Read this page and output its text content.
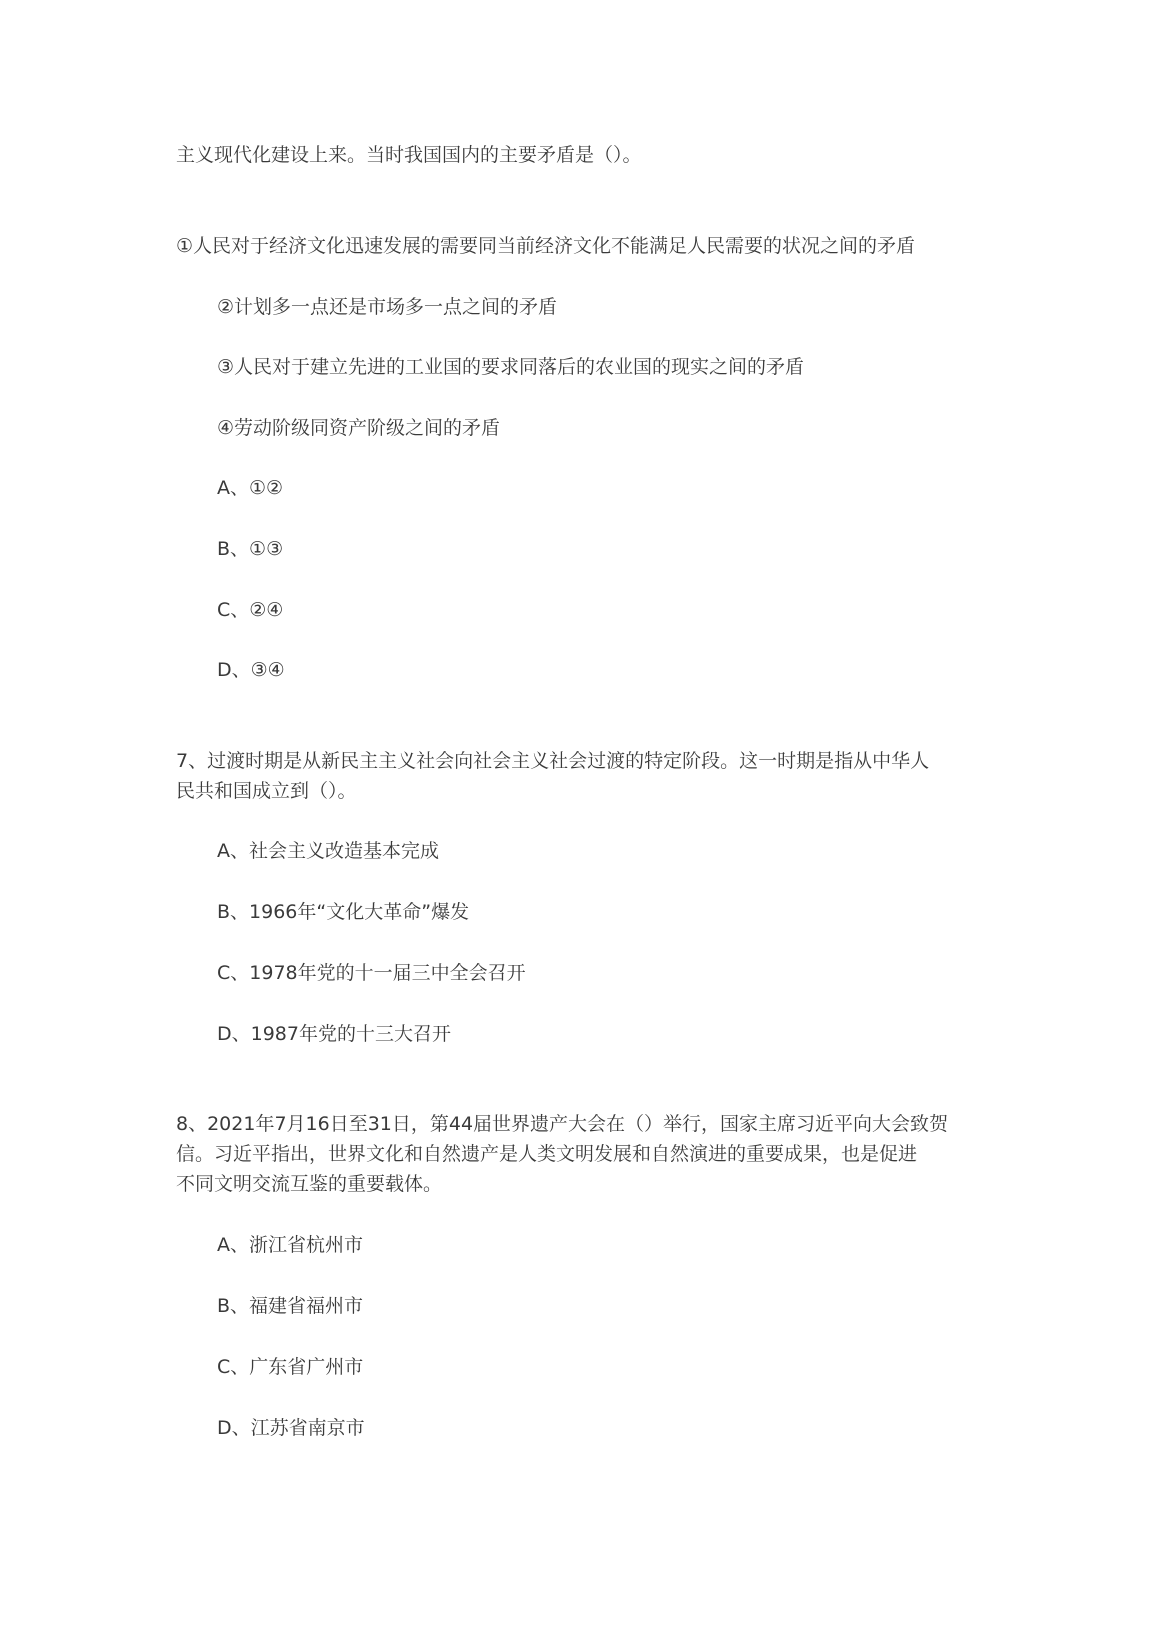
主义现代化建设上来。当时我国国内的主要矛盾是（）。
①人民对于经济文化迅速发展的需要同当前经济文化不能满足人民需要的状况之间的矛盾
②计划多一点还是市场多一点之间的矛盾
③人民对于建立先进的工业国的要求同落后的农业国的现实之间的矛盾
④劳动阶级同资产阶级之间的矛盾
A、①②
B、①③
C、②④
D、③④
7、过渡时期是从新民主主义社会向社会主义社会过渡的特定阶段。这一时期是指从中华人
民共和国成立到（）。
A、社会主义改造基本完成
B、1966年“文化大革命”爆发
C、1978年党的十一届三中全会召开
D、1987年党的十三大召开
8、2021年7月16日至31日，第44届世界遗产大会在（）举行，国家主席习近平向大会致贺
信。习近平指出，世界文化和自然遗产是人类文明发展和自然演进的重要成果，也是促进
不同文明交流互鉴的重要载体。
A、浙江省杭州市
B、福建省福州市
C、广东省广州市
D、江苏省南京市
